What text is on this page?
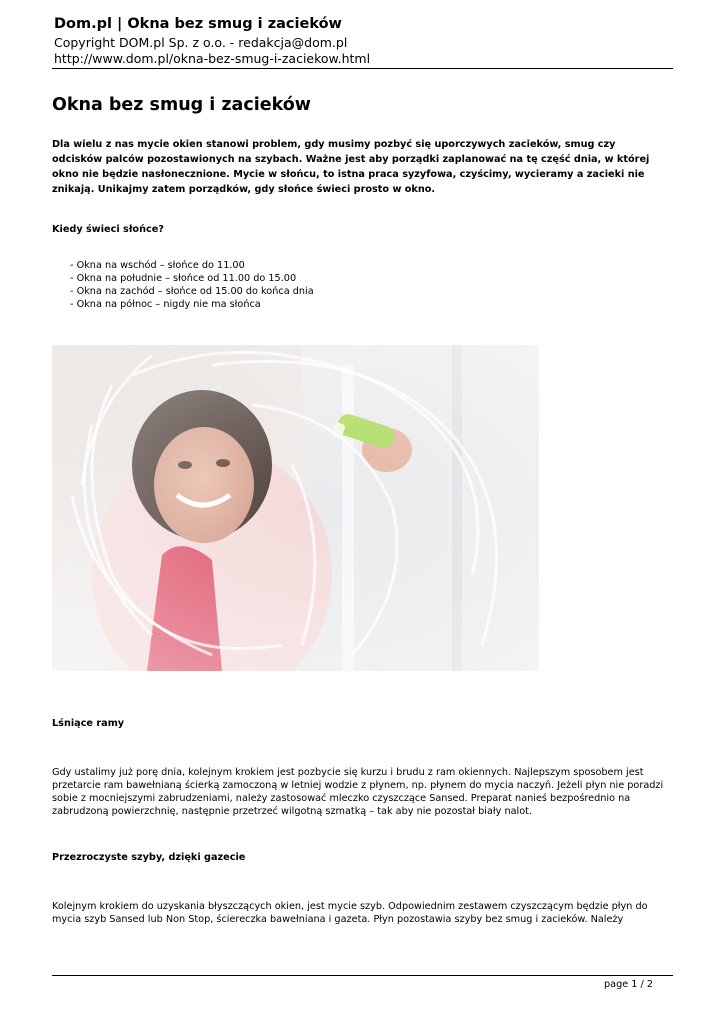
Dom.pl | Okna bez smug i zacieków
Copyright DOM.pl Sp. z o.o. - redakcja@dom.pl
http://www.dom.pl/okna-bez-smug-i-zaciekow.html
Okna bez smug i zacieków
Dla wielu z nas mycie okien stanowi problem, gdy musimy pozbyć się uporczywych zacieków, smug czy odcisków palców pozostawionych na szybach. Ważne jest aby porządki zaplanować na tę część dnia, w której okno nie będzie nasłonecznione. Mycie w słońcu, to istna praca syzyfowa, czyścimy, wycieramy a zacieki nie znikają. Unikajmy zatem porządków, gdy słońce świeci prosto w okno.
Kiedy świeci słońce?
- Okna na wschód – słońce do 11.00
- Okna na południe – słońce od 11.00 do 15.00
- Okna na zachód – słońce od 15.00 do końca dnia
- Okna na północ – nigdy nie ma słońca
Lśniące ramy
Gdy ustalimy już porę dnia, kolejnym krokiem jest pozbycie się kurzu i brudu z ram okiennych. Najlepszym sposobem jest przetarcie ram bawełnianą ścierką zamoczoną w letniej wodzie z płynem, np. płynem do mycia naczyń. Jeżeli płyn nie poradzi sobie z mocniejszymi zabrudzeniami, należy zastosować mleczko czyszczące Sansed. Preparat nanieś bezpośrednio na zabrudzoną powierzchnię, następnie przetrzeć wilgotną szmatką – tak aby nie pozostał biały nalot.
Przezroczyste szyby, dzięki gazecie
Kolejnym krokiem do uzyskania błyszczących okien, jest mycie szyb. Odpowiednim zestawem czyszczącym będzie płyn do mycia szyb Sansed lub Non Stop, ściereczka bawełniana i gazeta. Płyn pozostawia szyby bez smug i zacieków. Należy
page 1 / 2
